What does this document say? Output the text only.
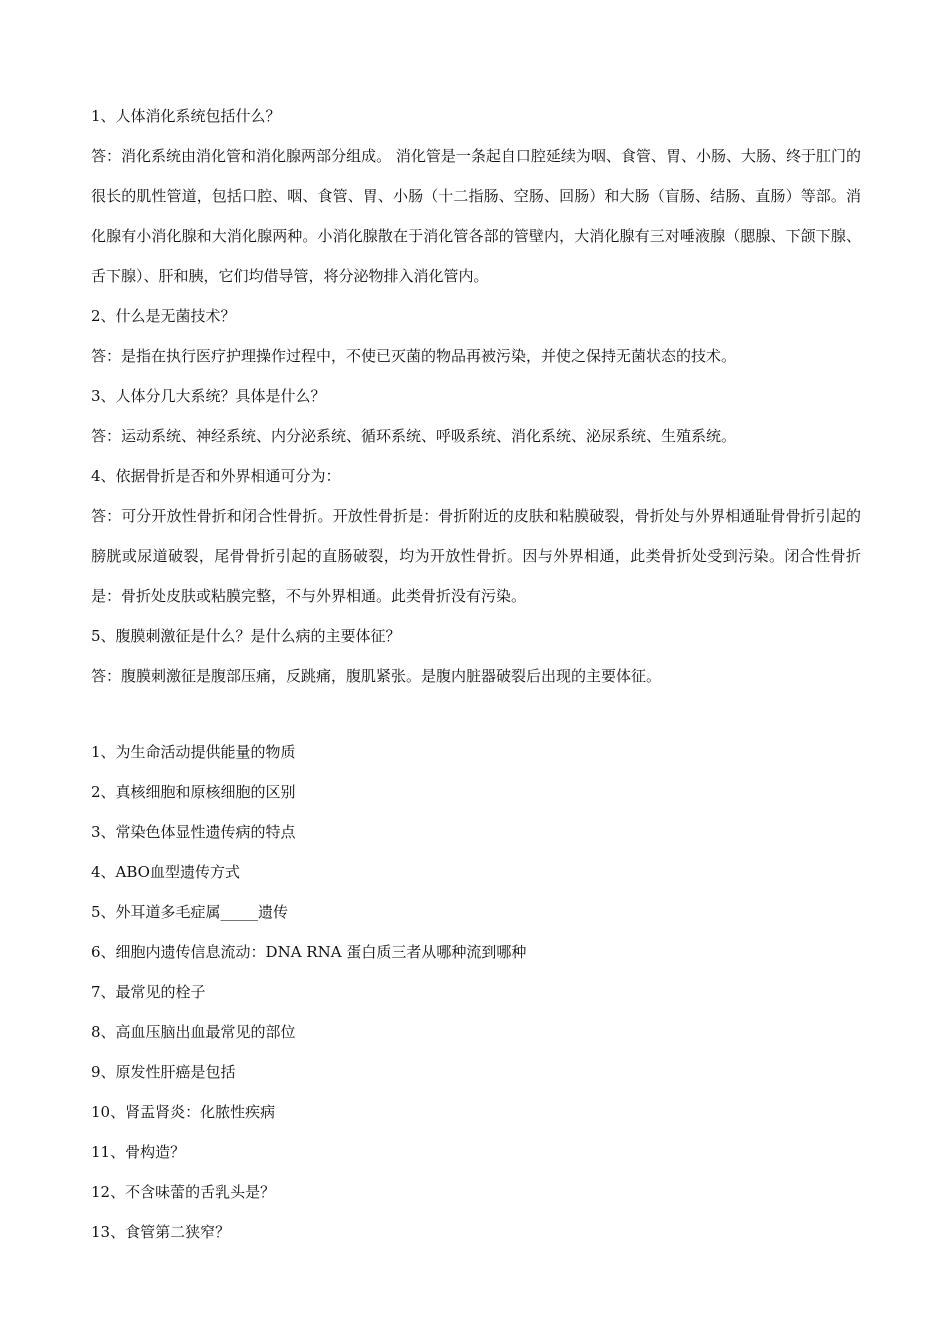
1、人体消化系统包括什么？

答：消化系统由消化管和消化腺两部分组成。 消化管是一条起自口腔延续为咽、食管、胃、小肠、大肠、终于肛门的很长的肌性管道，包括口腔、咽、食管、胃、小肠（十二指肠、空肠、回肠）和大肠（盲肠、结肠、直肠）等部。消化腺有小消化腺和大消化腺两种。小消化腺散在于消化管各部的管壁内，大消化腺有三对唾液腺（腮腺、下颌下腺、舌下腺）、肝和胰，它们均借导管，将分泌物排入消化管内。

2、什么是无菌技术？

答：是指在执行医疗护理操作过程中，不使已灭菌的物品再被污染，并使之保持无菌状态的技术。

3、人体分几大系统？具体是什么？

答：运动系统、神经系统、内分泌系统、循环系统、呼吸系统、消化系统、泌尿系统、生殖系统。

4、依据骨折是否和外界相通可分为：

答：可分开放性骨折和闭合性骨折。开放性骨折是：骨折附近的皮肤和粘膜破裂，骨折处与外界相通耻骨骨折引起的膀胱或尿道破裂，尾骨骨折引起的直肠破裂，均为开放性骨折。因与外界相通，此类骨折处受到污染。闭合性骨折是：骨折处皮肤或粘膜完整，不与外界相通。此类骨折没有污染。

5、腹膜刺激征是什么？是什么病的主要体征？

答：腹膜刺激征是腹部压痛，反跳痛，腹肌紧张。是腹内脏器破裂后出现的主要体征。

1、为生命活动提供能量的物质

2、真核细胞和原核细胞的区别

3、常染色体显性遗传病的特点

4、ABO血型遗传方式

5、外耳道多毛症属_____遗传

6、细胞内遗传信息流动：DNA RNA 蛋白质三者从哪种流到哪种

7、最常见的栓子

8、高血压脑出血最常见的部位

9、原发性肝癌是包括

10、肾盂肾炎：化脓性疾病

11、骨构造？

12、不含味蕾的舌乳头是？

13、食管第二狭窄？
